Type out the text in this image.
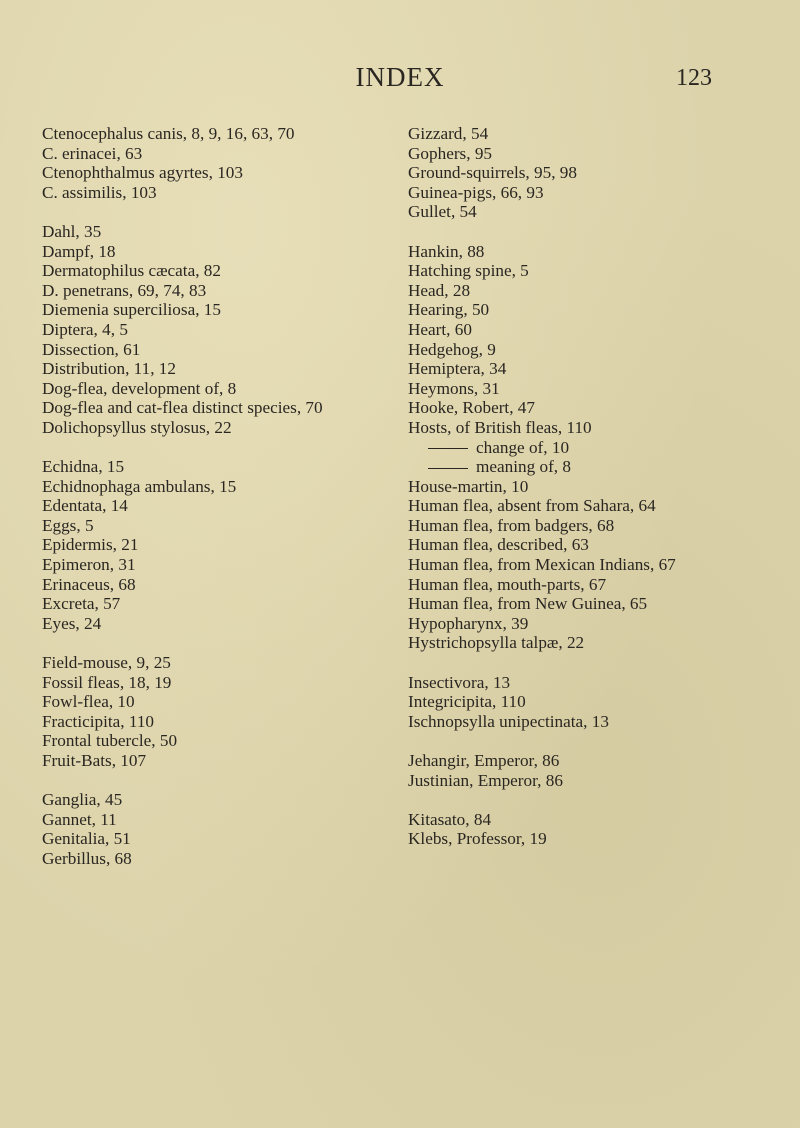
INDEX	123
Ctenocephalus canis, 8, 9, 16, 63, 70
C. erinacei, 63
Ctenophthalmus agyrtes, 103
C. assimilis, 103
Dahl, 35
Dampf, 18
Dermatophilus cæcata, 82
D. penetrans, 69, 74, 83
Diemenia superciliosa, 15
Diptera, 4, 5
Dissection, 61
Distribution, 11, 12
Dog-flea, development of, 8
Dog-flea and cat-flea distinct species, 70
Dolichopsyllus stylosus, 22
Echidna, 15
Echidnophaga ambulans, 15
Edentata, 14
Eggs, 5
Epidermis, 21
Epimeron, 31
Erinaceus, 68
Excreta, 57
Eyes, 24
Field-mouse, 9, 25
Fossil fleas, 18, 19
Fowl-flea, 10
Fracticipita, 110
Frontal tubercle, 50
Fruit-Bats, 107
Ganglia, 45
Gannet, 11
Genitalia, 51
Gerbillus, 68
Gizzard, 54
Gophers, 95
Ground-squirrels, 95, 98
Guinea-pigs, 66, 93
Gullet, 54
Hankin, 88
Hatching spine, 5
Head, 28
Hearing, 50
Heart, 60
Hedgehog, 9
Hemiptera, 34
Heymons, 31
Hooke, Robert, 47
Hosts, of British fleas, 110
change of, 10
meaning of, 8
House-martin, 10
Human flea, absent from Sahara, 64
Human flea, from badgers, 68
Human flea, described, 63
Human flea, from Mexican Indians, 67
Human flea, mouth-parts, 67
Human flea, from New Guinea, 65
Hypopharynx, 39
Hystrichopsylla talpæ, 22
Insectivora, 13
Integricipita, 110
Ischnopsylla unipectinata, 13
Jehangir, Emperor, 86
Justinian, Emperor, 86
Kitasato, 84
Klebs, Professor, 19
